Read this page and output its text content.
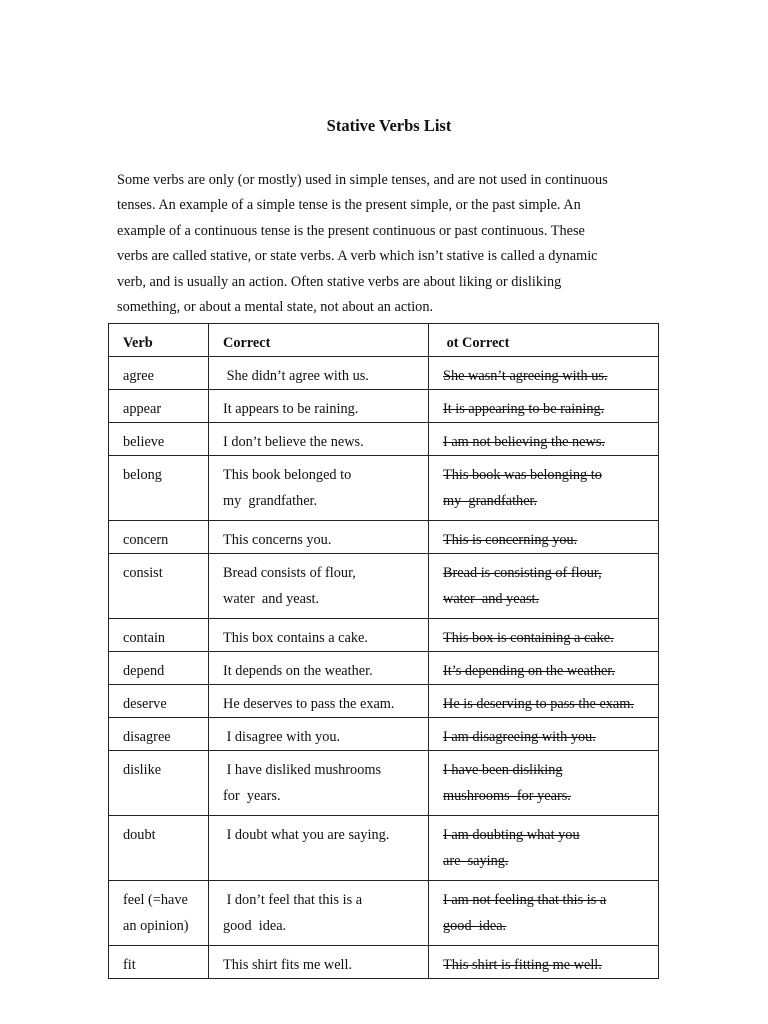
Stative Verbs List
Some verbs are only (or mostly) used in simple tenses, and are not used in continuous
tenses. An example of a simple tense is the present simple, or the past simple. An
example of a continuous tense is the present continuous or past continuous. These
verbs are called stative, or state verbs. A verb which isn’t stative is called a dynamic
verb, and is usually an action. Often stative verbs are about liking or disliking
something, or about a mental state, not about an action.
Verb	Correct	ot Correct

agree	She didn’t agree with us.	She wasn’t agreeing with us.

appear	It appears to be raining.	It is appearing to be raining.

believe	I don’t believe the news.	I am not believing the news.

belong	This book belonged to
my  grandfather.	This book was belonging to
my  grandfather.

concern	This concerns you.	This is concerning you.

consist	Bread consists of flour,
water  and yeast.	Bread is consisting of flour,
water  and yeast.

contain	This box contains a cake.	This box is containing a cake.

depend	It depends on the weather.	It’s depending on the weather.

deserve	He deserves to pass the exam.	He is deserving to pass the exam.

disagree	I disagree with you.	I am disagreeing with you.

dislike	I have disliked mushrooms
for  years.	I have been disliking
mushrooms  for years.

doubt	I doubt what you are saying.	I am doubting what you
are  saying.

feel (=have
an opinion)	I don’t feel that this is a
good  idea.	I am not feeling that this is a
good  idea.

fit	This shirt fits me well.	This shirt is fitting me well.
